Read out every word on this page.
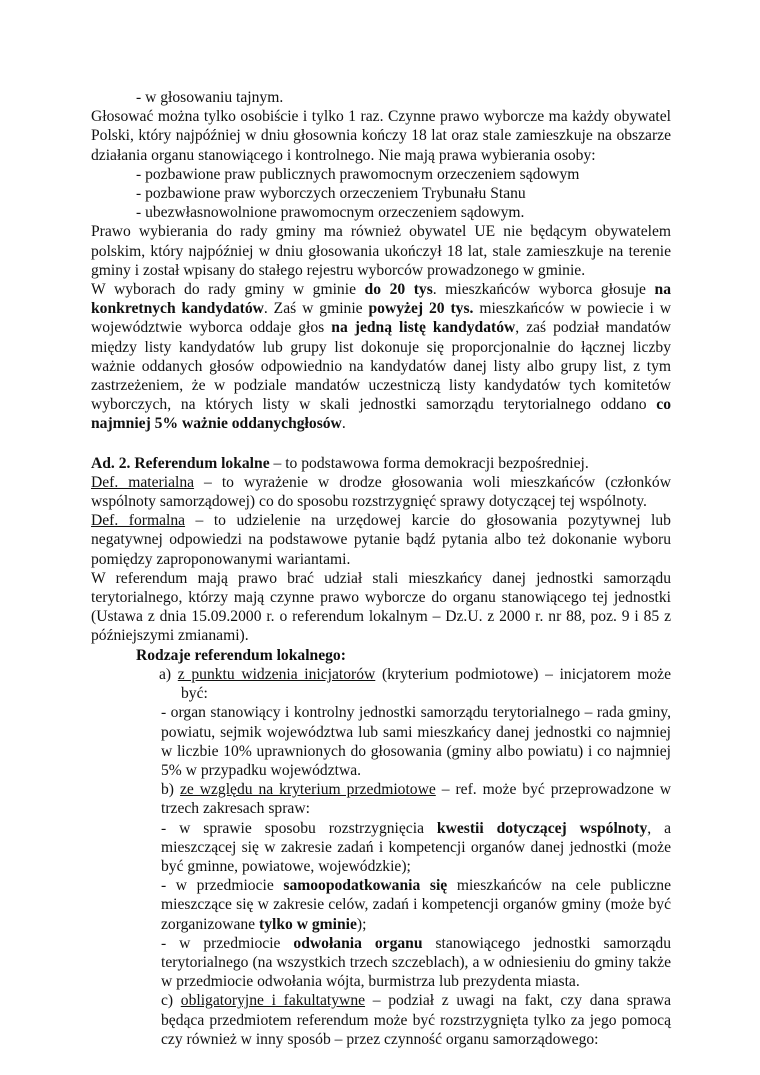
- w głosowaniu tajnym.

Głosować można tylko osobiście i tylko 1 raz. Czynne prawo wyborcze ma każdy obywatel Polski, który najpóźniej w dniu głosownia kończy 18 lat oraz stale zamieszkuje na obszarze działania organu stanowiącego i kontrolnego. Nie mają prawa wybierania osoby:

- pozbawione praw publicznych prawomocnym orzeczeniem sądowym

- pozbawione praw wyborczych orzeczeniem Trybunału Stanu

- ubezwłasnowolnione prawomocnym orzeczeniem sądowym.

Prawo wybierania do rady gminy ma również obywatel UE nie będącym obywatelem polskim, który najpóźniej w dniu głosowania ukończył 18 lat, stale zamieszkuje na terenie gminy i został wpisany do stałego rejestru wyborców prowadzonego w gminie.

W wyborach do rady gminy w gminie do 20 tys. mieszkańców wyborca głosuje na konkretnych kandydatów. Zaś w gminie powyżej 20 tys. mieszkańców w powiecie i w województwie wyborca oddaje głos na jedną listę kandydatów, zaś podział mandatów między listy kandydatów lub grupy list dokonuje się proporcjonalnie do łącznej liczby ważnie oddanych głosów odpowiednio na kandydatów danej listy albo grupy list, z tym zastrzeżeniem, że w podziale mandatów uczestniczą listy kandydatów tych komitetów wyborczych, na których listy w skali jednostki samorządu terytorialnego oddano co najmniej 5% ważnie oddanychgłosów.

Ad. 2. Referendum lokalne – to podstawowa forma demokracji bezpośredniej.

Def. materialna – to wyrażenie w drodze głosowania woli mieszkańców (członków wspólnoty samorządowej) co do sposobu rozstrzygnięć sprawy dotyczącej tej wspólnoty.

Def. formalna – to udzielenie na urzędowej karcie do głosowania pozytywnej lub negatywnej odpowiedzi na podstawowe pytanie bądź pytania albo też dokonanie wyboru pomiędzy zaproponowanymi wariantami.

W referendum mają prawo brać udział stali mieszkańcy danej jednostki samorządu terytorialnego, którzy mają czynne prawo wyborcze do organu stanowiącego tej jednostki (Ustawa z dnia 15.09.2000 r. o referendum lokalnym – Dz.U. z 2000 r. nr 88, poz. 9 i 85 z późniejszymi zmianami).

Rodzaje referendum lokalnego:

a) z punktu widzenia inicjatorów (kryterium podmiotowe) – inicjatorem może być:

- organ stanowiący i kontrolny jednostki samorządu terytorialnego – rada gminy, powiatu, sejmik województwa lub sami mieszkańcy danej jednostki co najmniej w liczbie 10% uprawnionych do głosowania (gminy albo powiatu) i co najmniej 5% w przypadku województwa.

b) ze względu na kryterium przedmiotowe – ref. może być przeprowadzone w trzech zakresach spraw:

- w sprawie sposobu rozstrzygnięcia kwestii dotyczącej wspólnoty, a mieszczącej się w zakresie zadań i kompetencji organów danej jednostki (może być gminne, powiatowe, wojewódzkie);

- w przedmiocie samoopodatkowania się mieszkańców na cele publiczne mieszczące się w zakresie celów, zadań i kompetencji organów gminy (może być zorganizowane tylko w gminie);

- w przedmiocie odwołania organu stanowiącego jednostki samorządu terytorialnego (na wszystkich trzech szczeblach), a w odniesieniu do gminy także w przedmiocie odwołania wójta, burmistrza lub prezydenta miasta.

c) obligatoryjne i fakultatywne – podział z uwagi na fakt, czy dana sprawa będąca przedmiotem referendum może być rozstrzygnięta tylko za jego pomocą czy również w inny sposób – przez czynność organu samorządowego:
